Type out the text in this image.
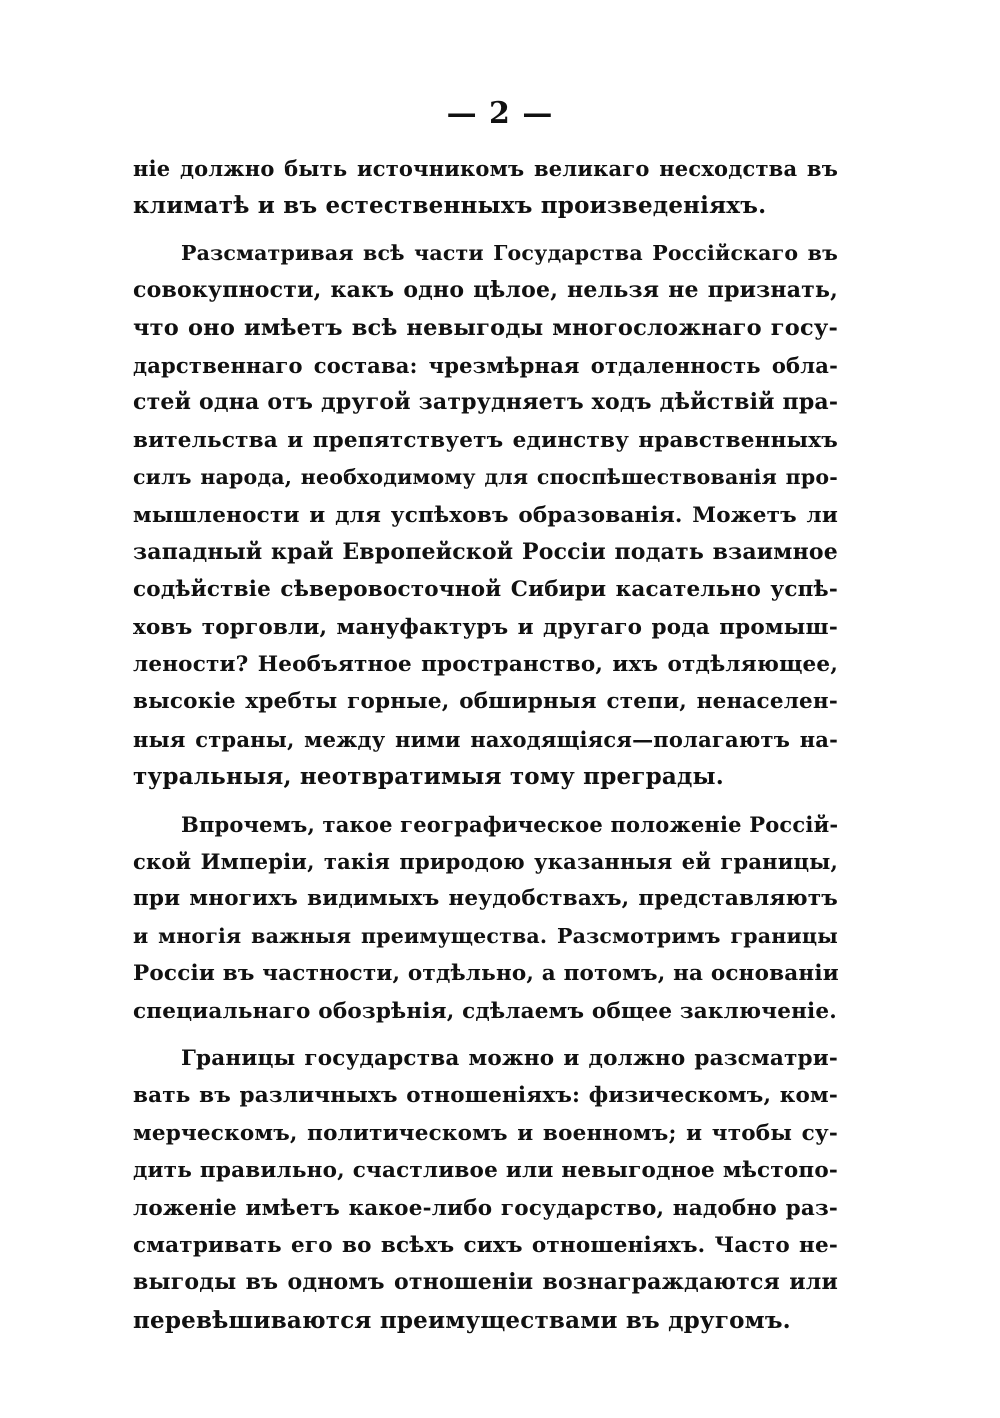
— 2 —
ніе должно быть источникомъ великаго несходства въ
климатѣ и въ естественныхъ произведеніяхъ.
Разсматривая всѣ части Государства Россійскаго въ
совокупности, какъ одно цѣлое, нельзя не признать,
что оно имѣетъ всѣ невыгоды многосложнаго госу-
дарственнаго состава: чрезмѣрная отдаленность обла-
стей одна отъ другой затрудняетъ ходъ дѣйствій пра-
вительства и препятствуетъ единству нравственныхъ
силъ народа, необходимому для споспѣшествованія про-
мышлености и для успѣховъ образованія. Можетъ ли
западный край Европейской Россіи подать взаимное
содѣйствіе сѣверовосточной Сибири касательно успѣ-
ховъ торговли, мануфактуръ и другаго рода промыш-
лености? Необъятное пространство, ихъ отдѣляющее,
высокіе хребты горные, обширныя степи, ненаселен-
ныя страны, между ними находящіяся—полагаютъ на-
туральныя, неотвратимыя тому преграды.
Впрочемъ, такое географическое положеніе Россій-
ской Имперіи, такія природою указанныя ей границы,
при многихъ видимыхъ неудобствахъ, представляютъ
и многія важныя преимущества. Разсмотримъ границы
Россіи въ частности, отдѣльно, а потомъ, на основаніи
специальнаго обозрѣнія, сдѣлаемъ общее заключеніе.
Границы государства можно и должно разсматри-
вать въ различныхъ отношеніяхъ: физическомъ, ком-
мерческомъ, политическомъ и военномъ; и чтобы су-
дить правильно, счастливое или невыгодное мѣстопо-
ложеніе имѣетъ какое-либо государство, надобно раз-
сматривать его во всѣхъ сихъ отношеніяхъ. Часто не-
выгоды въ одномъ отношеніи вознаграждаются или
перевѣшиваются преимуществами въ другомъ.
